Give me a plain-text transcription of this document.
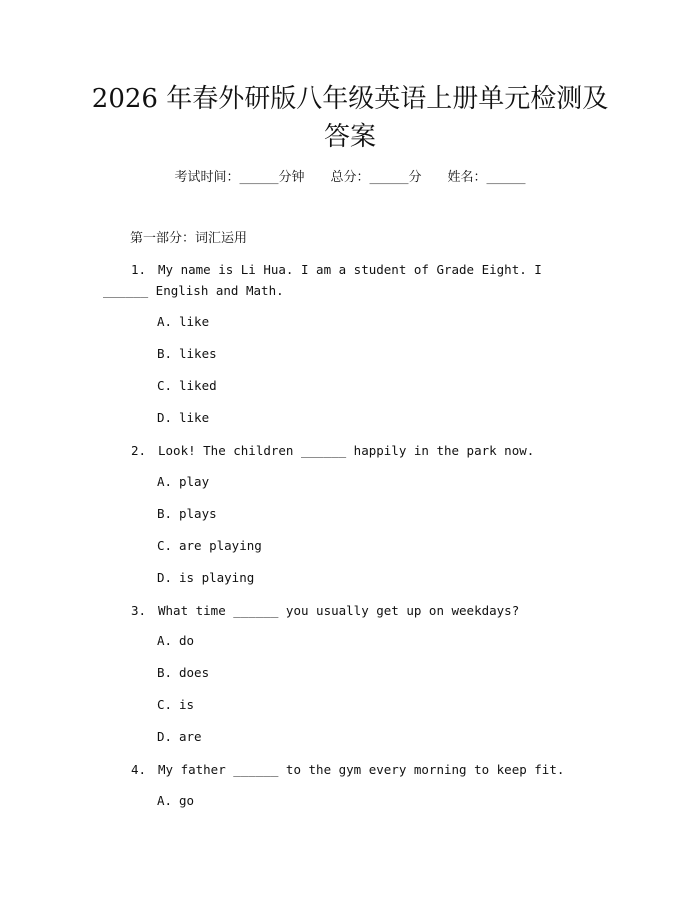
2026 年春外研版八年级英语上册单元检测及
答案
考试时间：______分钟 总分：______分 姓名：______
第一部分：词汇运用
1. My name is Li Hua. I am a student of Grade Eight. I ______ English and Math.
A. like
B. likes
C. liked
D. like
2. Look! The children ______ happily in the park now.
A. play
B. plays
C. are playing
D. is playing
3. What time ______ you usually get up on weekdays?
A. do
B. does
C. is
D. are
4. My father ______ to the gym every morning to keep fit.
A. go
